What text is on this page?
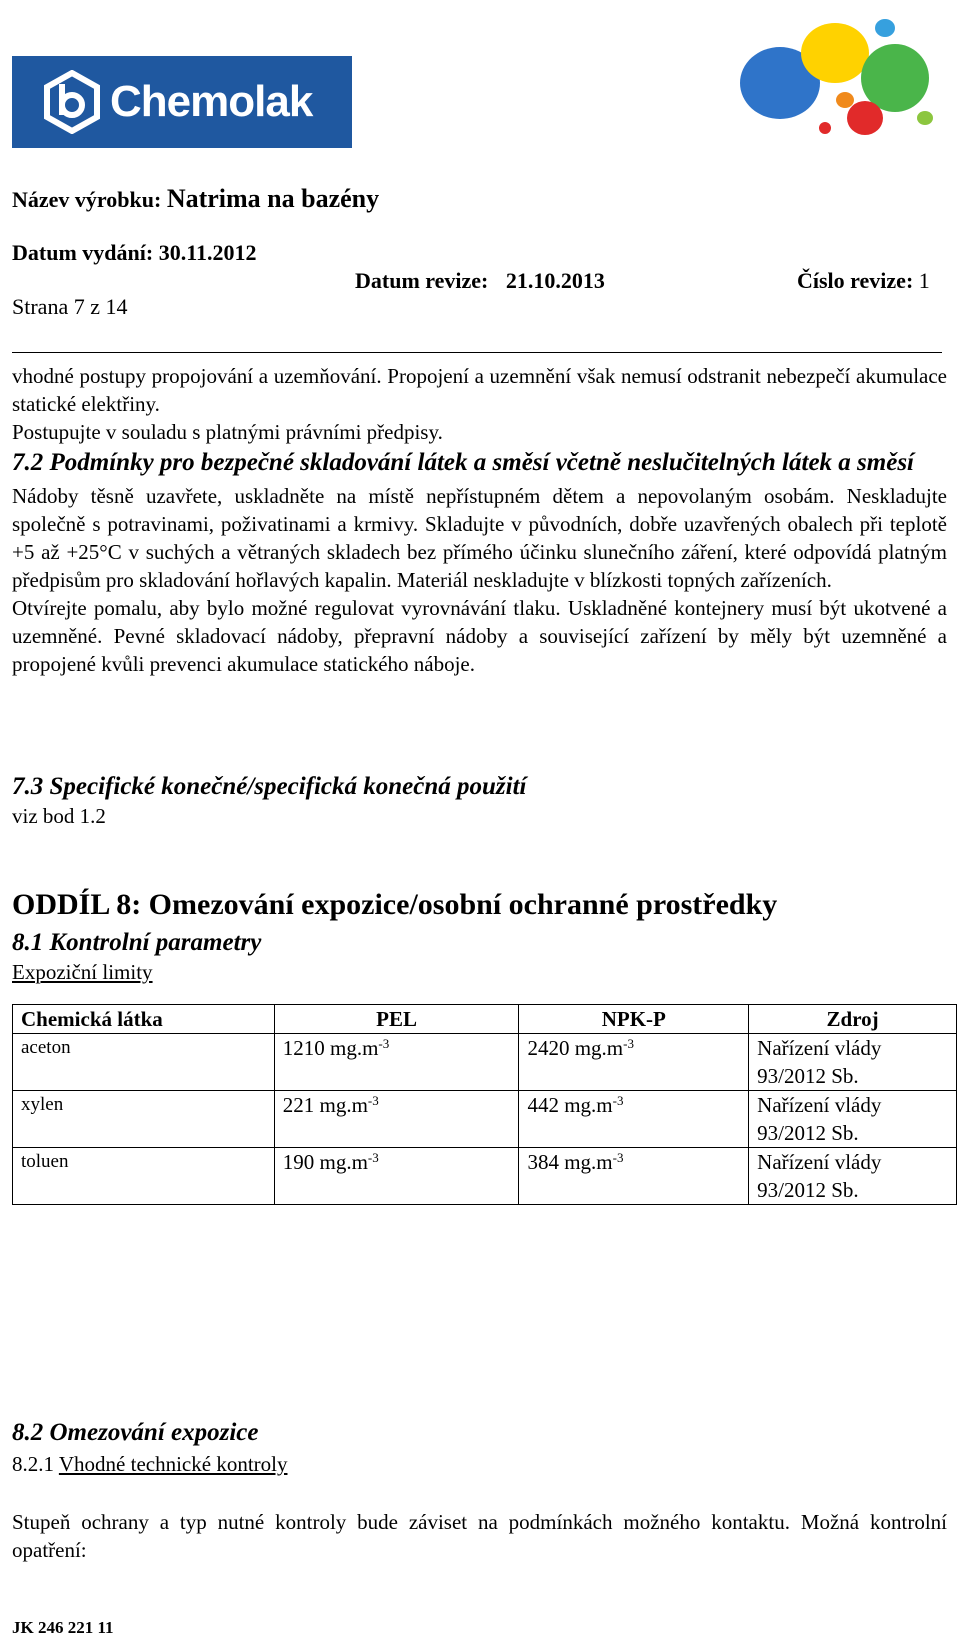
Chemolak
Název výrobku: Natrima na bazény
Datum vydání: 30.11.2012
Datum revize: 21.10.2013	Číslo revize: 1
Strana 7 z 14

vhodné postupy propojování a uzemňování. Propojení a uzemnění však nemusí odstranit nebezpečí akumulace statické elektřiny.

Postupujte v souladu s platnými právními předpisy.

7.2 Podmínky pro bezpečné skladování látek a směsí včetně neslučitelných látek a směsí

Nádoby těsně uzavřete, uskladněte na místě nepřístupném dětem a nepovolaným osobám. Neskladujte společně s potravinami, poživatinami a krmivy. Skladujte v původních, dobře uzavřených obalech při teplotě +5 až +25°C v suchých a větraných skladech bez přímého účinku slunečního záření, které odpovídá platným předpisům pro skladování hořlavých kapalin. Materiál neskladujte v blízkosti topných zařízeních.

Otvírejte pomalu, aby bylo možné regulovat vyrovnávání tlaku. Uskladněné kontejnery musí být ukotvené a uzemněné. Pevné skladovací nádoby, přepravní nádoby a související zařízení by měly být uzemněné a propojené kvůli prevenci akumulace statického náboje.

7.3 Specifické konečné/specifická konečná použití

viz bod 1.2

ODDÍL 8: Omezování expozice/osobní ochranné prostředky
8.1 Kontrolní parametry
Expoziční limity
Chemická látka	PEL	NPK-P	Zdroj
aceton	1210 $mg.m^{-3}$	2420 $mg.m^{-3}$	Nařízení vlády
93/2012 Sb.
xylen	221 $mg.m^{-3}$	442 $mg.m^{-3}$	Nařízení vlády
93/2012 Sb.
toluen	190 $mg.m^{-3}$	384 $mg.m^{-3}$	Nařízení vlády
93/2012 Sb.
8.2 Omezování expozice
8.2.1 Vhodné technické kontroly

Stupeň ochrany a typ nutné kontroly bude záviset na podmínkách možného kontaktu. Možná kontrolní opatření:

JK 246 221 11
